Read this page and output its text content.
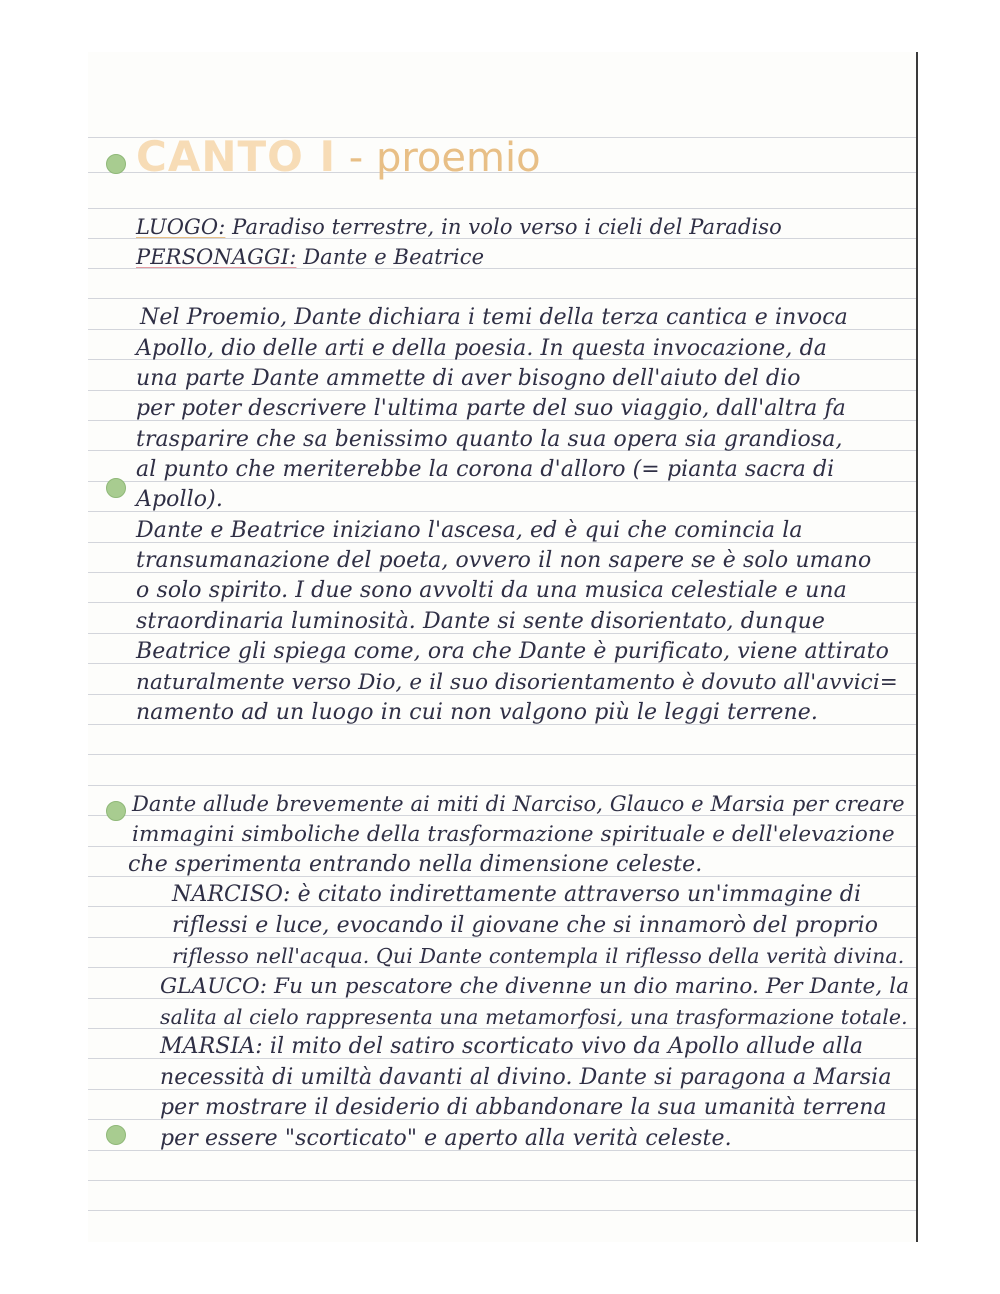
CANTO I - proemio
LUOGO: Paradiso terrestre, in volo verso i cieli del Paradiso
PERSONAGGI: Dante e Beatrice
Nel Proemio, Dante dichiara i temi della terza cantica e invoca
Apollo, dio delle arti e della poesia. In questa invocazione, da
una parte Dante ammette di aver bisogno dell'aiuto del dio
per poter descrivere l'ultima parte del suo viaggio, dall'altra fa
trasparire che sa benissimo quanto la sua opera sia grandiosa,
al punto che meriterebbe la corona d'alloro (= pianta sacra di
Apollo).
Dante e Beatrice iniziano l'ascesa, ed è qui che comincia la
transumanazione del poeta, ovvero il non sapere se è solo umano
o solo spirito. I due sono avvolti da una musica celestiale e una
straordinaria luminosità. Dante si sente disorientato, dunque
Beatrice gli spiega come, ora che Dante è purificato, viene attirato
naturalmente verso Dio, e il suo disorientamento è dovuto all'avvici=
namento ad un luogo in cui non valgono più le leggi terrene.
Dante allude brevemente ai miti di Narciso, Glauco e Marsia per creare
immagini simboliche della trasformazione spirituale e dell'elevazione
che sperimenta entrando nella dimensione celeste.
NARCISO: è citato indirettamente attraverso un'immagine di
riflessi e luce, evocando il giovane che si innamorò del proprio
riflesso nell'acqua. Qui Dante contempla il riflesso della verità divina.
GLAUCO: Fu un pescatore che divenne un dio marino. Per Dante, la
salita al cielo rappresenta una metamorfosi, una trasformazione totale.
MARSIA: il mito del satiro scorticato vivo da Apollo allude alla
necessità di umiltà davanti al divino. Dante si paragona a Marsia
per mostrare il desiderio di abbandonare la sua umanità terrena
per essere "scorticato" e aperto alla verità celeste.
